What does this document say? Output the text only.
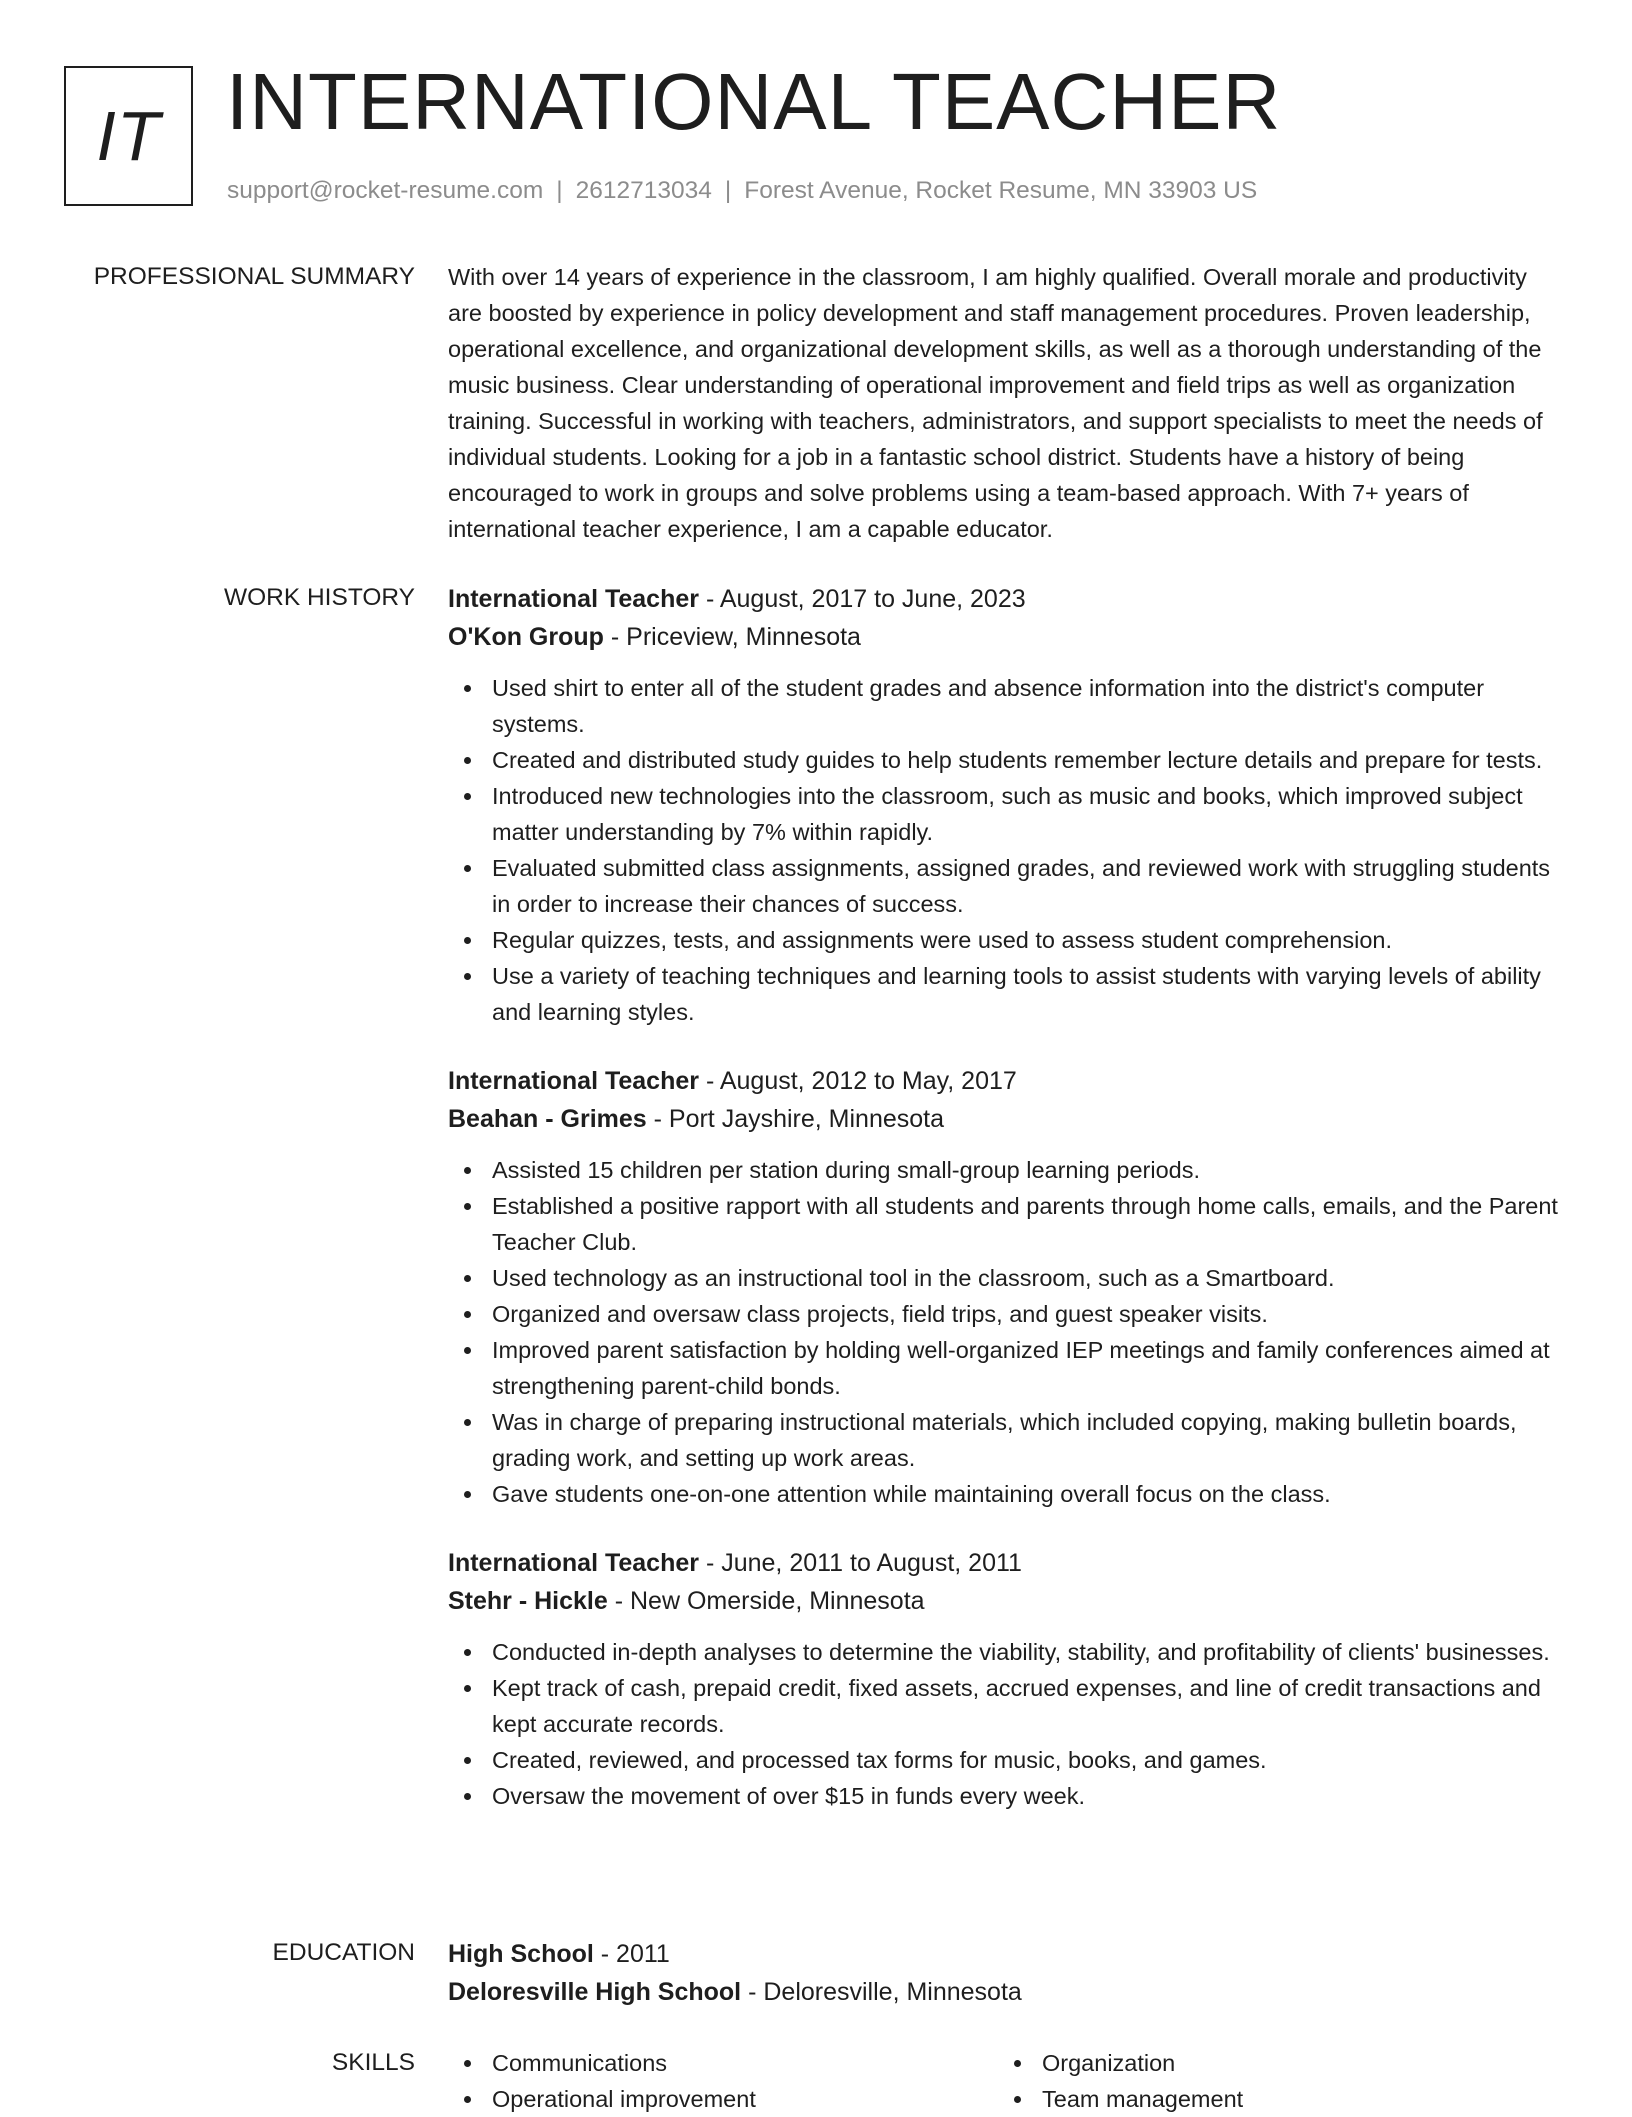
IT INTERNATIONAL TEACHER
support@rocket-resume.com | 2612713034 | Forest Avenue, Rocket Resume, MN 33903 US
PROFESSIONAL SUMMARY With over 14 years of experience in the classroom, I am highly qualified. Overall morale and productivity are boosted by experience in policy development and staff management procedures. Proven leadership, operational excellence, and organizational development skills, as well as a thorough understanding of the music business. Clear understanding of operational improvement and field trips as well as organization training. Successful in working with teachers, administrators, and support specialists to meet the needs of individual students. Looking for a job in a fantastic school district. Students have a history of being encouraged to work in groups and solve problems using a team-based approach. With 7+ years of international teacher experience, I am a capable educator.

WORK HISTORY International Teacher - August, 2017 to June, 2023

O'Kon Group - Priceview, Minnesota

Used shirt to enter all of the student grades and absence information into the district's computer systems.
Created and distributed study guides to help students remember lecture details and prepare for tests.
Introduced new technologies into the classroom, such as music and books, which improved subject matter understanding by 7% within rapidly.
Evaluated submitted class assignments, assigned grades, and reviewed work with struggling students in order to increase their chances of success.
Regular quizzes, tests, and assignments were used to assess student comprehension.
Use a variety of teaching techniques and learning tools to assist students with varying levels of ability and learning styles.

International Teacher - August, 2012 to May, 2017

Beahan - Grimes - Port Jayshire, Minnesota

Assisted 15 children per station during small-group learning periods.
Established a positive rapport with all students and parents through home calls, emails, and the Parent Teacher Club.
Used technology as an instructional tool in the classroom, such as a Smartboard.
Organized and oversaw class projects, field trips, and guest speaker visits.
Improved parent satisfaction by holding well-organized IEP meetings and family conferences aimed at strengthening parent-child bonds.
Was in charge of preparing instructional materials, which included copying, making bulletin boards, grading work, and setting up work areas.
Gave students one-on-one attention while maintaining overall focus on the class.

International Teacher - June, 2011 to August, 2011

Stehr - Hickle - New Omerside, Minnesota

Conducted in-depth analyses to determine the viability, stability, and profitability of clients' businesses.
Kept track of cash, prepaid credit, fixed assets, accrued expenses, and line of credit transactions and kept accurate records.
Created, reviewed, and processed tax forms for music, books, and games.
Oversaw the movement of over $15 in funds every week.
EDUCATION High School - 2011

Deloresville High School - Deloresville, Minnesota

SKILLS	Communications	Organization
Operational improvement	Team management
